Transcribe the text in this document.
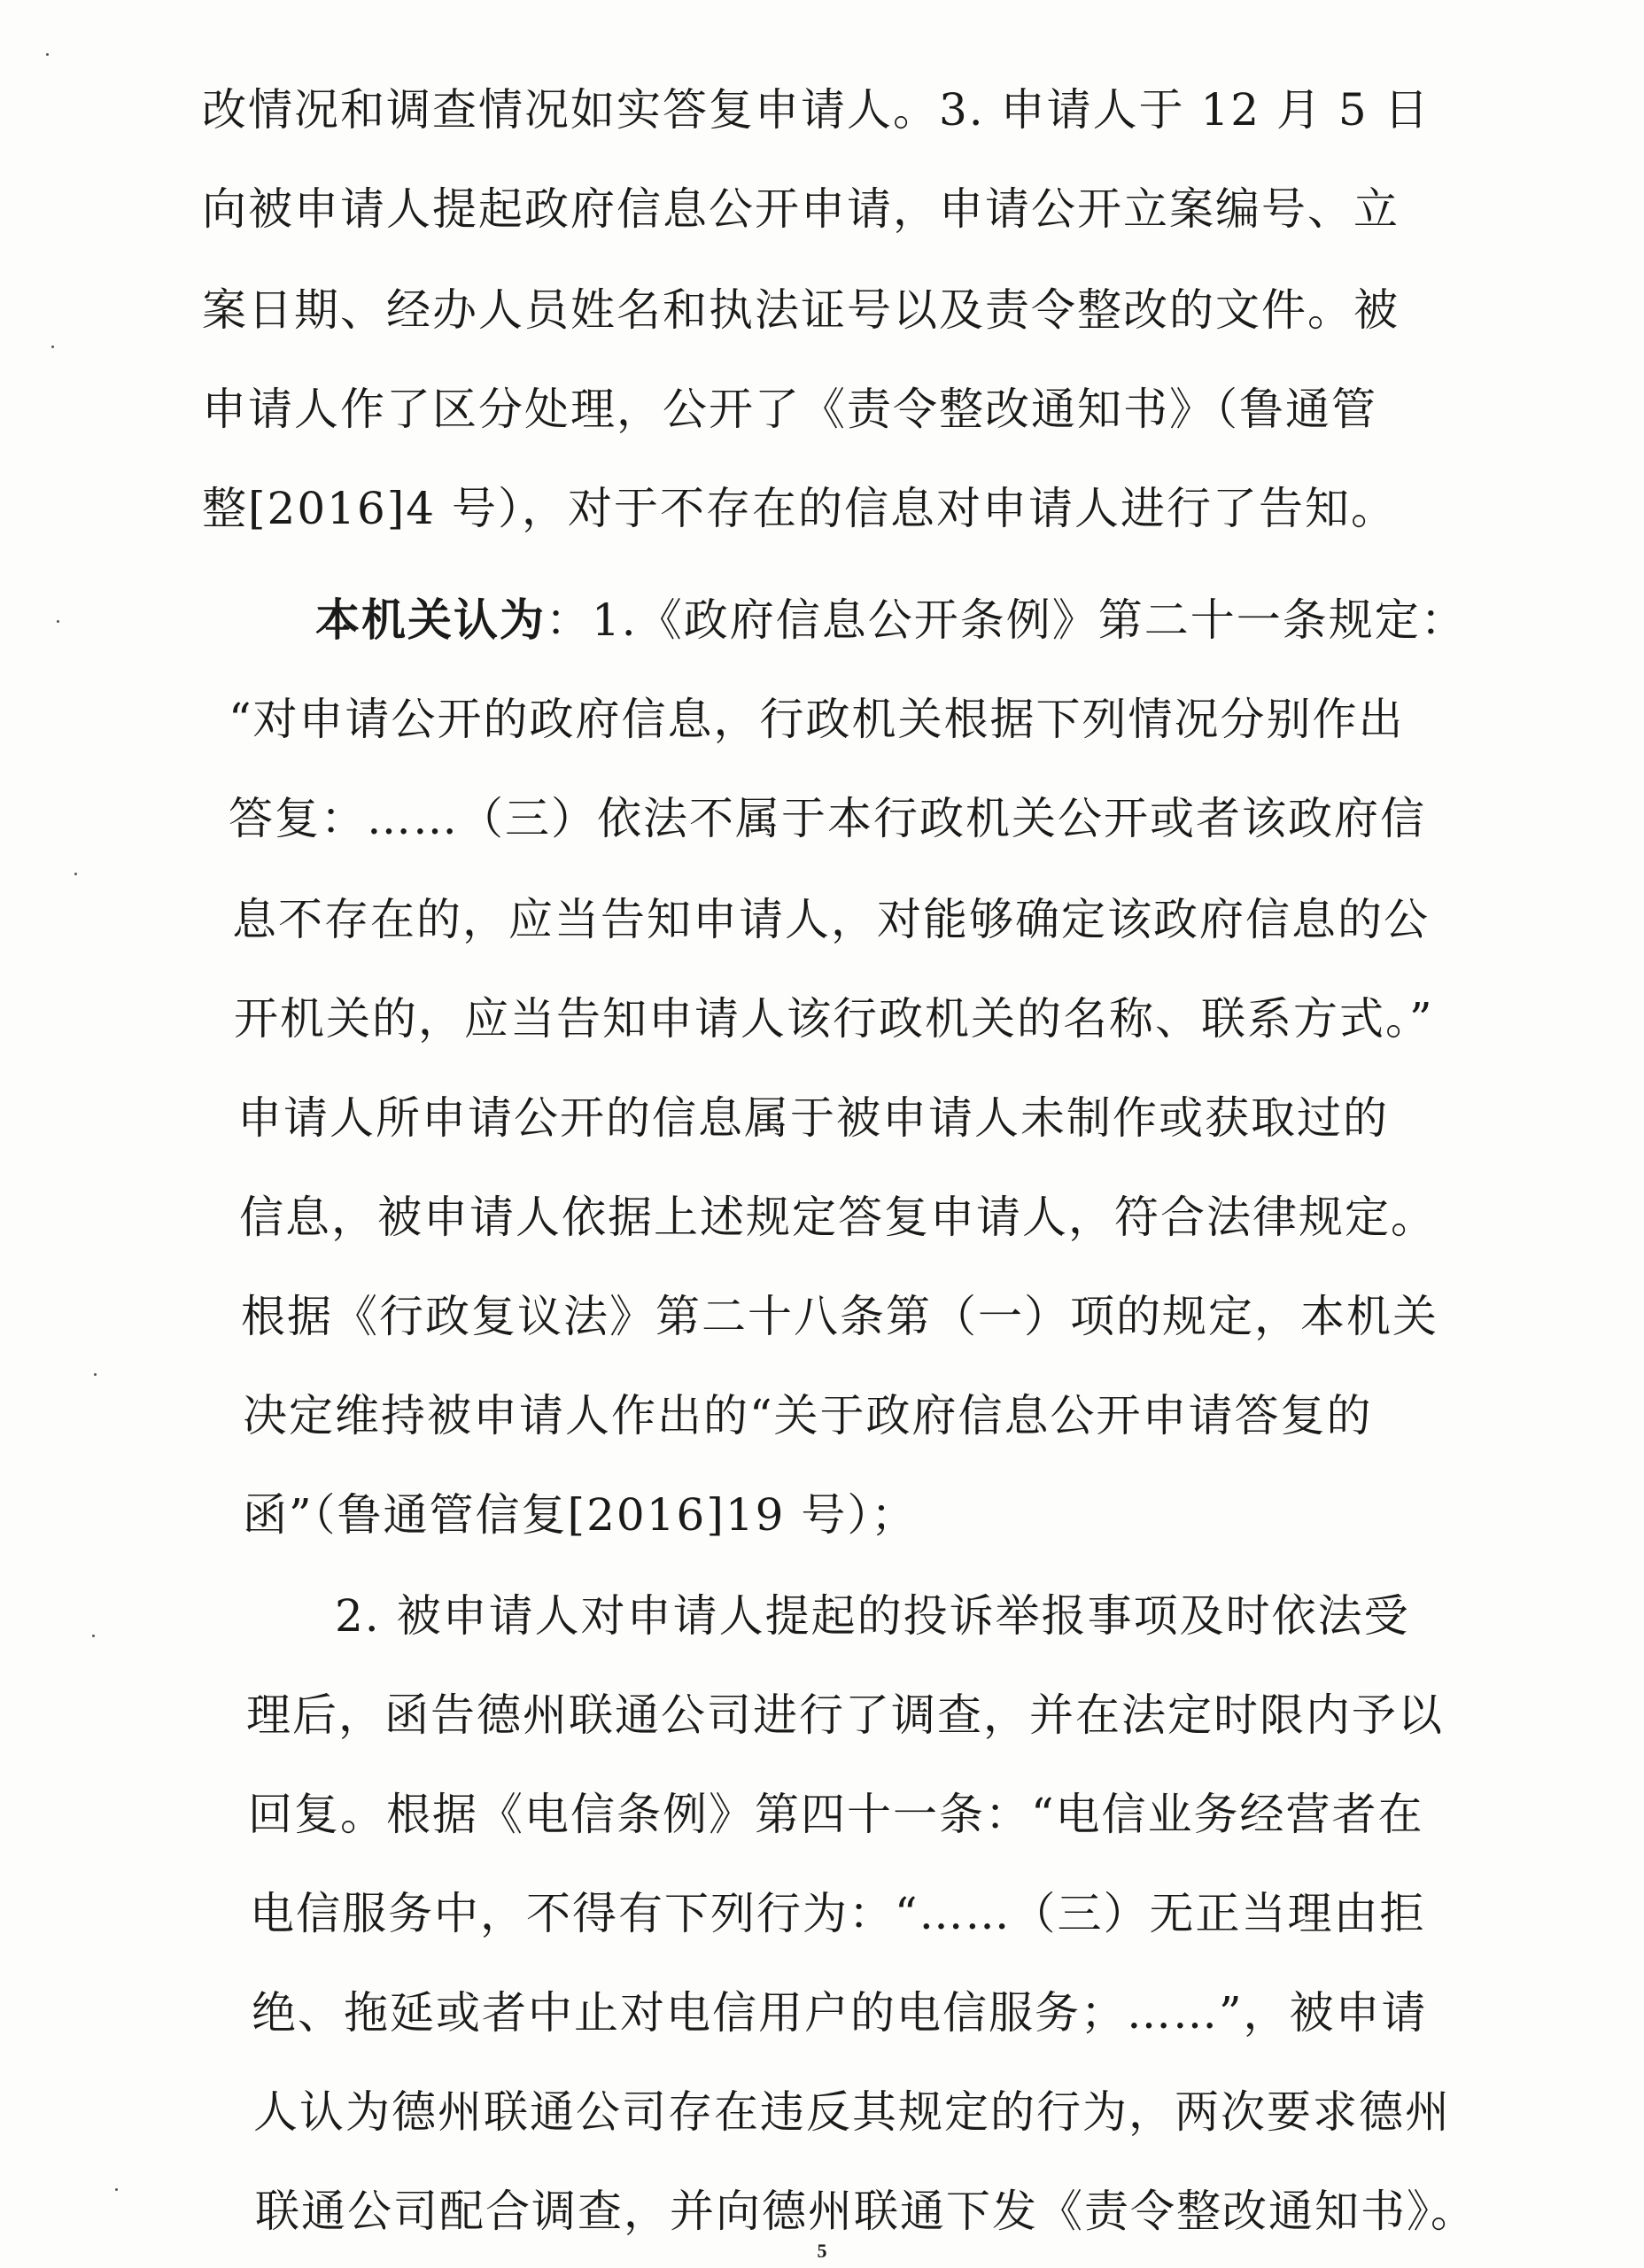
改情况和调查情况如实答复申请人。3. 申请人于 12 月 5 日
向被申请人提起政府信息公开申请，申请公开立案编号、立
案日期、经办人员姓名和执法证号以及责令整改的文件。被
申请人作了区分处理，公开了《责令整改通知书》（鲁通管
整[2016]4 号），对于不存在的信息对申请人进行了告知。
本机关认为：1.《政府信息公开条例》第二十一条规定：
“对申请公开的政府信息，行政机关根据下列情况分别作出
答复：……（三）依法不属于本行政机关公开或者该政府信
息不存在的，应当告知申请人，对能够确定该政府信息的公
开机关的，应当告知申请人该行政机关的名称、联系方式。”
申请人所申请公开的信息属于被申请人未制作或获取过的
信息，被申请人依据上述规定答复申请人，符合法律规定。
根据《行政复议法》第二十八条第（一）项的规定，本机关
决定维持被申请人作出的“关于政府信息公开申请答复的
函”（鲁通管信复[2016]19 号）；
2. 被申请人对申请人提起的投诉举报事项及时依法受
理后，函告德州联通公司进行了调查，并在法定时限内予以
回复。根据《电信条例》第四十一条：“电信业务经营者在
电信服务中，不得有下列行为：“……（三）无正当理由拒
绝、拖延或者中止对电信用户的电信服务；……”，被申请
人认为德州联通公司存在违反其规定的行为，两次要求德州
联通公司配合调查，并向德州联通下发《责令整改通知书》。
5
